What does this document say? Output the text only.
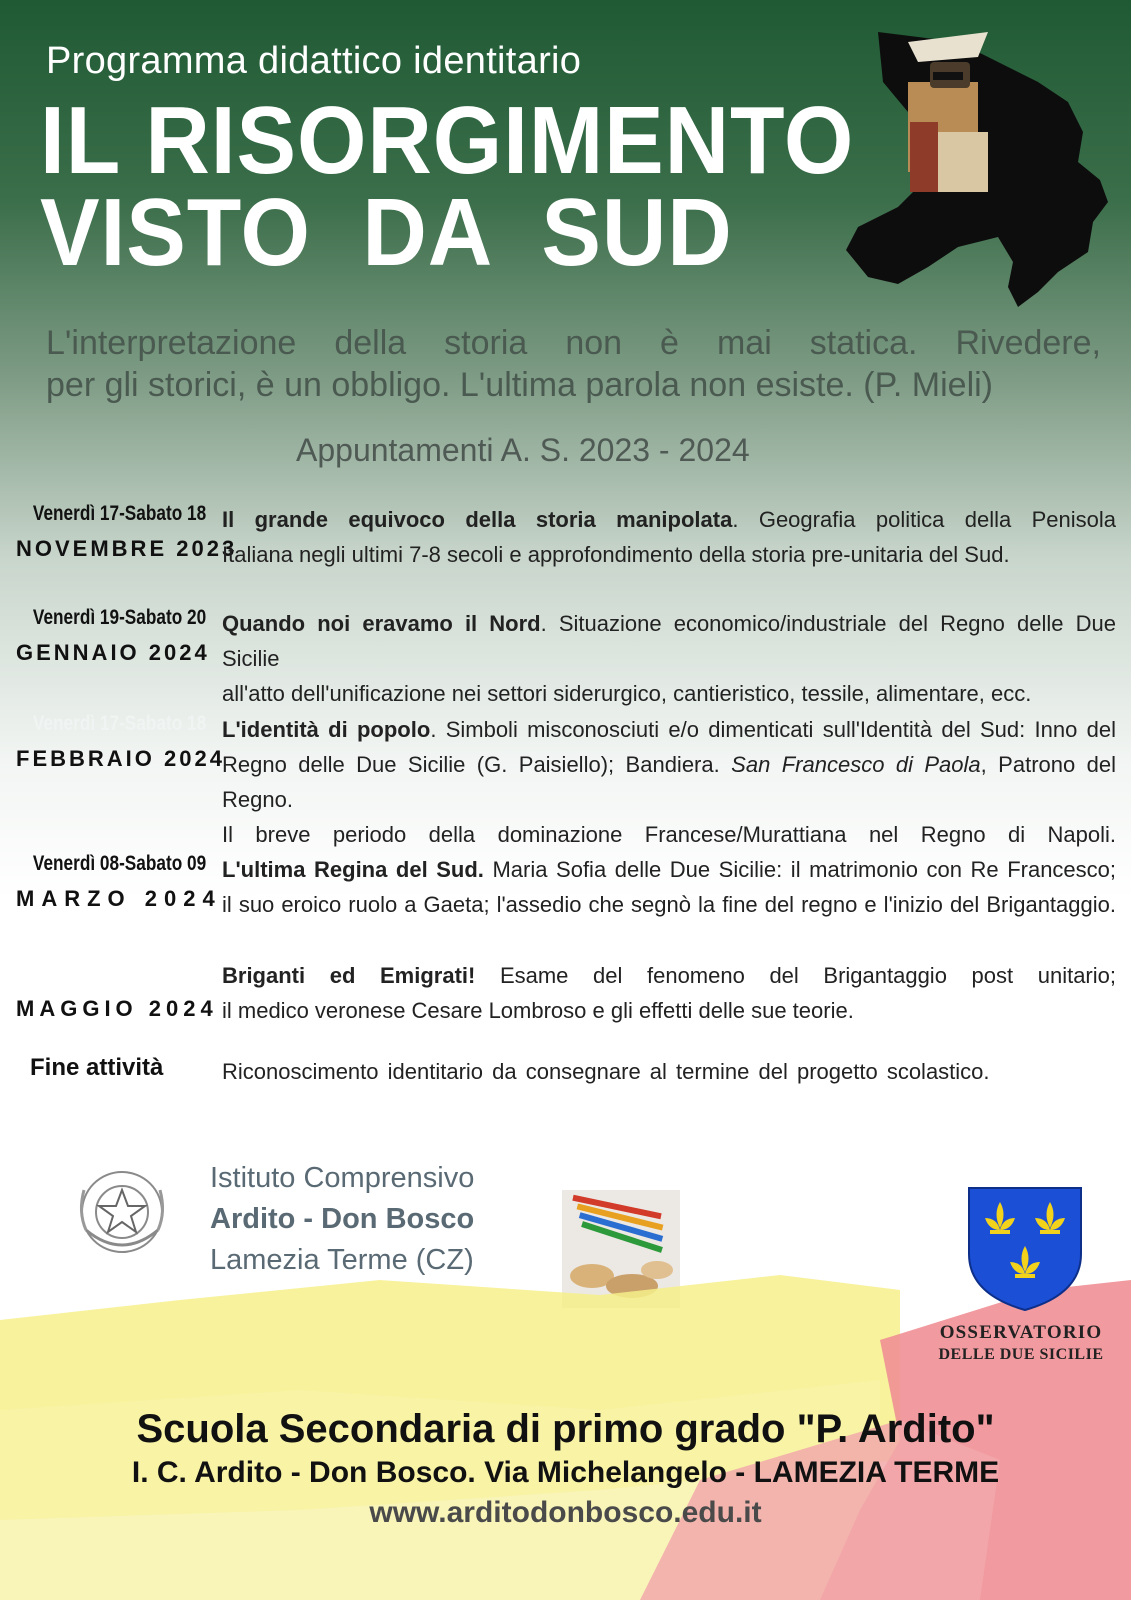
Programma didattico identitario
IL RISORGIMENTO
VISTO  DA  SUD
L'interpretazione della storia non è mai statica. Rivedere,
per gli storici, è un obbligo. L'ultima parola non esiste. (P. Mieli)
Appuntamenti A. S. 2023 - 2024
Venerdì 17-Sabato 18
NOVEMBRE 2023
Il grande equivoco della storia manipolata. Geografia politica della Penisola
Italiana negli ultimi 7-8 secoli e approfondimento della storia pre-unitaria del Sud.
Venerdì 19-Sabato 20
GENNAIO 2024
Quando noi eravamo il Nord. Situazione economico/industriale del Regno delle Due Sicilie
all'atto dell'unificazione nei settori siderurgico, cantieristico, tessile, alimentare, ecc.
Venerdì 17-Sabato 18
FEBBRAIO 2024
L'identità di popolo. Simboli misconosciuti e/o dimenticati sull'Identità del Sud: Inno del
Regno delle Due Sicilie (G. Paisiello); Bandiera. San Francesco di Paola, Patrono del Regno.
Il breve periodo della dominazione Francese/Murattiana nel Regno di Napoli.
Venerdì 08-Sabato 09
MARZO 2024
L'ultima Regina del Sud. Maria Sofia delle Due Sicilie: il matrimonio con Re Francesco;
il suo eroico ruolo a Gaeta; l'assedio che segnò la fine del regno e l'inizio del Brigantaggio.
MAGGIO 2024
Briganti ed Emigrati! Esame del fenomeno del Brigantaggio post unitario;
il medico veronese Cesare Lombroso e gli effetti delle sue teorie.
Fine attività	Riconoscimento identitario da consegnare al termine del progetto scolastico.
Istituto Comprensivo
Ardito - Don Bosco
Lamezia Terme (CZ)
OSSERVATORIO
DELLE DUE SICILIE
Scuola Secondaria di primo grado "P. Ardito"
I. C. Ardito - Don Bosco. Via Michelangelo - LAMEZIA TERME
www.arditodonbosco.edu.it
